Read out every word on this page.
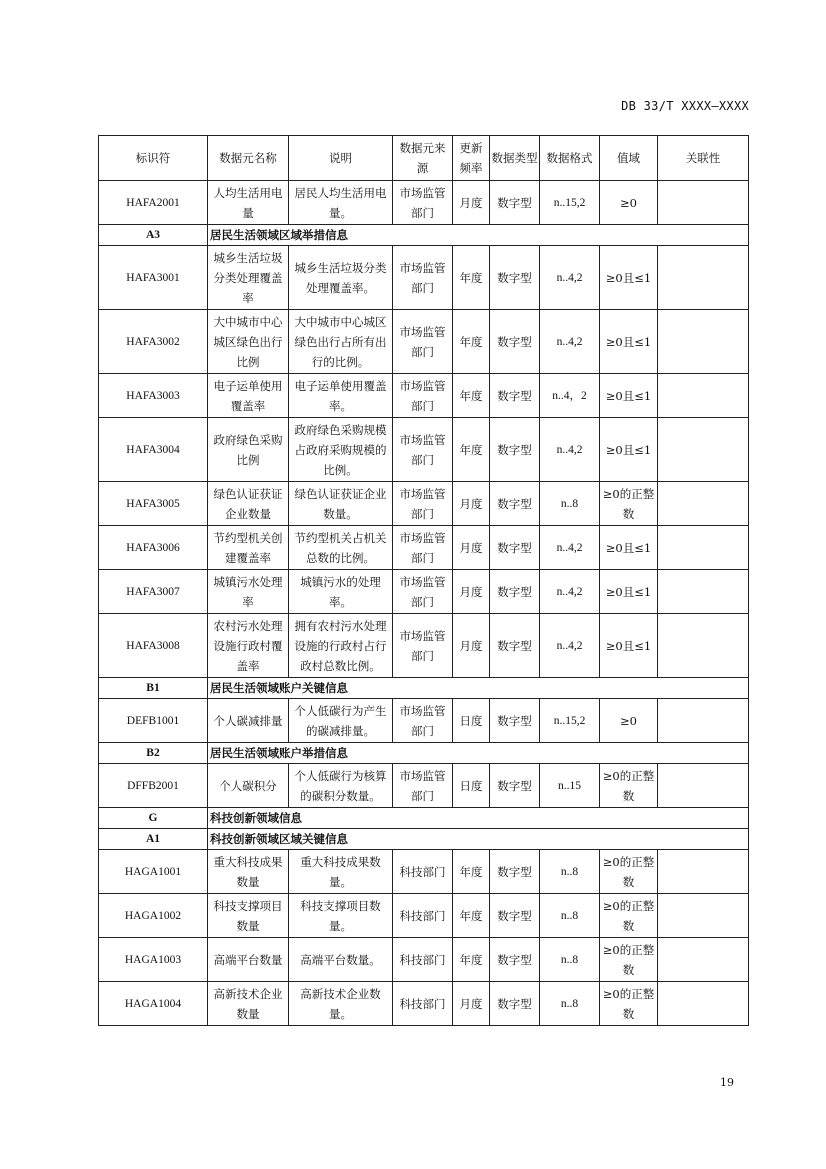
DB 33/T XXXX—XXXX
标识符	数据元名称	说明	数据元来源	更新频率	数据类型	数据格式	值域	关联性
HAFA2001	人均生活用电量	居民人均生活用电量。	市场监管部门	月度	数字型	n..15,2	≥0	
A3	居民生活领域区域举措信息							
HAFA3001	城乡生活垃圾分类处理覆盖率	城乡生活垃圾分类处理覆盖率。	市场监管部门	年度	数字型	n..4,2	≥0且≤1	
HAFA3002	大中城市中心城区绿色出行比例	大中城市中心城区绿色出行占所有出行的比例。	市场监管部门	年度	数字型	n..4,2	≥0且≤1	
HAFA3003	电子运单使用覆盖率	电子运单使用覆盖率。	市场监管部门	年度	数字型	n..4，2	≥0且≤1	
HAFA3004	政府绿色采购比例	政府绿色采购规模占政府采购规模的比例。	市场监管部门	年度	数字型	n..4,2	≥0且≤1	
HAFA3005	绿色认证获证企业数量	绿色认证获证企业数量。	市场监管部门	月度	数字型	n..8	≥0的正整数	
HAFA3006	节约型机关创建覆盖率	节约型机关占机关总数的比例。	市场监管部门	月度	数字型	n..4,2	≥0且≤1	
HAFA3007	城镇污水处理率	城镇污水的处理率。	市场监管部门	月度	数字型	n..4,2	≥0且≤1	
HAFA3008	农村污水处理设施行政村覆盖率	拥有农村污水处理设施的行政村占行政村总数比例。	市场监管部门	月度	数字型	n..4,2	≥0且≤1	
B1	居民生活领域账户关键信息							
DEFB1001	个人碳减排量	个人低碳行为产生的碳减排量。	市场监管部门	日度	数字型	n..15,2	≥0	
B2	居民生活领域账户举措信息							
DFFB2001	个人碳积分	个人低碳行为核算的碳积分数量。	市场监管部门	日度	数字型	n..15	≥0的正整数	
G	科技创新领域信息							
A1	科技创新领域区域关键信息							
HAGA1001	重大科技成果数量	重大科技成果数量。	科技部门	年度	数字型	n..8	≥0的正整数	
HAGA1002	科技支撑项目数量	科技支撑项目数量。	科技部门	年度	数字型	n..8	≥0的正整数	
HAGA1003	高端平台数量	高端平台数量。	科技部门	年度	数字型	n..8	≥0的正整数	
HAGA1004	高新技术企业数量	高新技术企业数量。	科技部门	月度	数字型	n..8	≥0的正整数	
19
